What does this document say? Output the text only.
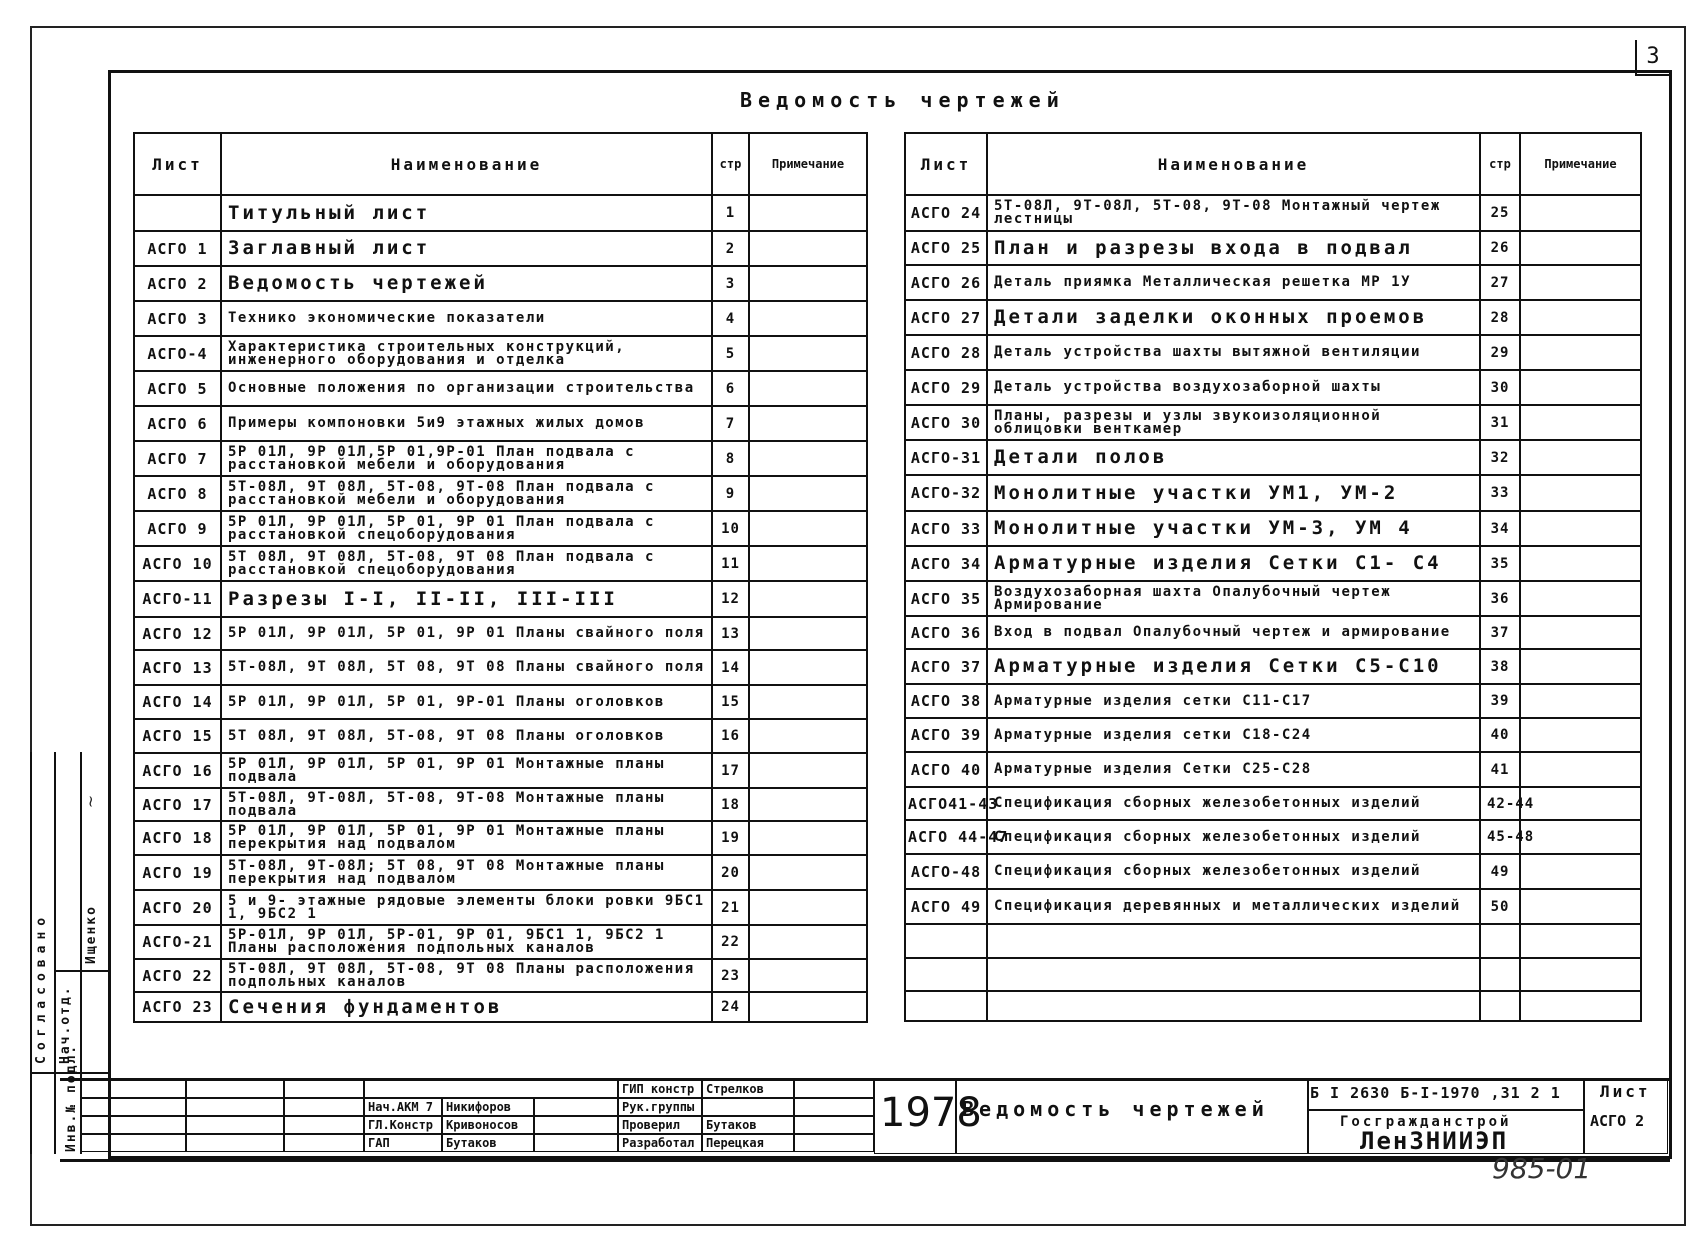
3
Ведомость чертежей
Лист	Наименование	стр	Примечание
	Титульный лист	1	
АСГО 1	Заглавный лист	2	
АСГО 2	Ведомость чертежей	3	
АСГО 3	Технико экономические показатели	4	
АСГО-4	Характеристика строительных конструкций, инженерного оборудования и отделка	5	
АСГО 5	Основные положения по организации строительства	6	
АСГО 6	Примеры компоновки 5и9 этажных жилых домов	7	
АСГО 7	5Р 01Л, 9Р 01Л,5Р 01,9Р-01 План подвала с расстановкой мебели и оборудования	8	
АСГО 8	5Т-08Л, 9Т 08Л, 5Т-08, 9Т-08 План подвала с расстановкой мебели и оборудования	9	
АСГО 9	5Р 01Л, 9Р 01Л, 5Р 01, 9Р 01 План подвала с расстановкой спецоборудования	10	
АСГО 10	5Т 08Л, 9Т 08Л, 5Т-08, 9Т 08 План подвала с расстановкой спецоборудования	11	
АСГО-11	Разрезы I-I, II-II, III-III	12	
АСГО 12	5Р 01Л, 9Р 01Л, 5Р 01, 9Р 01 Планы свайного поля	13	
АСГО 13	5Т-08Л, 9Т 08Л, 5Т 08, 9Т 08 Планы свайного поля	14	
АСГО 14	5Р 01Л, 9Р 01Л, 5Р 01, 9Р-01 Планы оголовков	15	
АСГО 15	5Т 08Л, 9Т 08Л, 5Т-08, 9Т 08 Планы оголовков	16	
АСГО 16	5Р 01Л, 9Р 01Л, 5Р 01, 9Р 01 Монтажные планы подвала	17	
АСГО 17	5Т-08Л, 9Т-08Л, 5Т-08, 9Т-08 Монтажные планы подвала	18	
АСГО 18	5Р 01Л, 9Р 01Л, 5Р 01, 9Р 01 Монтажные планы перекрытия над подвалом	19	
АСГО 19	5Т-08Л, 9Т-08Л; 5Т 08, 9Т 08 Монтажные планы перекрытия над подвалом	20	
АСГО 20	5 и 9- этажные рядовые элементы блоки ровки 9БС1 1, 9БС2 1	21	
АСГО-21	5Р-01Л, 9Р 01Л, 5Р-01, 9Р 01, 9БС1 1, 9БС2 1 Планы расположения подпольных каналов	22	
АСГО 22	5Т-08Л, 9Т 08Л, 5Т-08, 9Т 08 Планы расположения подпольных каналов	23	
АСГО 23	Сечения фундаментов	24	
Лист	Наименование	стр	Примечание
АСГО 24	5Т-08Л, 9Т-08Л, 5Т-08, 9Т-08 Монтажный чертеж лестницы	25	
АСГО 25	План и разрезы входа в подвал	26	
АСГО 26	Деталь приямка Металлическая решетка МР 1У	27	
АСГО 27	Детали заделки оконных проемов	28	
АСГО 28	Деталь устройства шахты вытяжной вентиляции	29	
АСГО 29	Деталь устройства воздухозаборной шахты	30	
АСГО 30	Планы, разрезы и узлы звукоизоляционной облицовки венткамер	31	
АСГО-31	Детали полов	32	
АСГО-32	Монолитные участки УМ1, УМ-2	33	
АСГО 33	Монолитные участки УМ-3, УМ 4	34	
АСГО 34	Арматурные изделия Сетки С1- С4	35	
АСГО 35	Воздухозаборная шахта Опалубочный чертеж Армирование	36	
АСГО 36	Вход в подвал Опалубочный чертеж и армирование	37	
АСГО 37	Арматурные изделия Сетки С5-С10	38	
АСГО 38	Арматурные изделия сетки С11-С17	39	
АСГО 39	Арматурные изделия сетки С18-С24	40	
АСГО 40	Арматурные изделия Сетки С25-С28	41	
АСГО41-43	Спецификация сборных железобетонных изделий	42-44	
АСГО 44-47	Спецификация сборных железобетонных изделий	45-48	
АСГО-48	Спецификация сборных железобетонных изделий	49	
АСГО 49	Спецификация деревянных и металлических изделий	50	

Согласовано Нач.отд.
Ищенко
~
Инв.№ подл.	Нач.АКМ 7	Никифоров
ГЛ.Констр	Кривоносов
ГАП	Бутаков
ГИП констр Стрелков
Рук.группы
Проверил	Бутаков
Разработал Перецкая
1978
Ведомость чертежей
Б I 2630 Б-I-1970 ,31 2 1
Госгражданстрой
ЛенЗНИИЭП
Лист
АСГО 2
985-01
